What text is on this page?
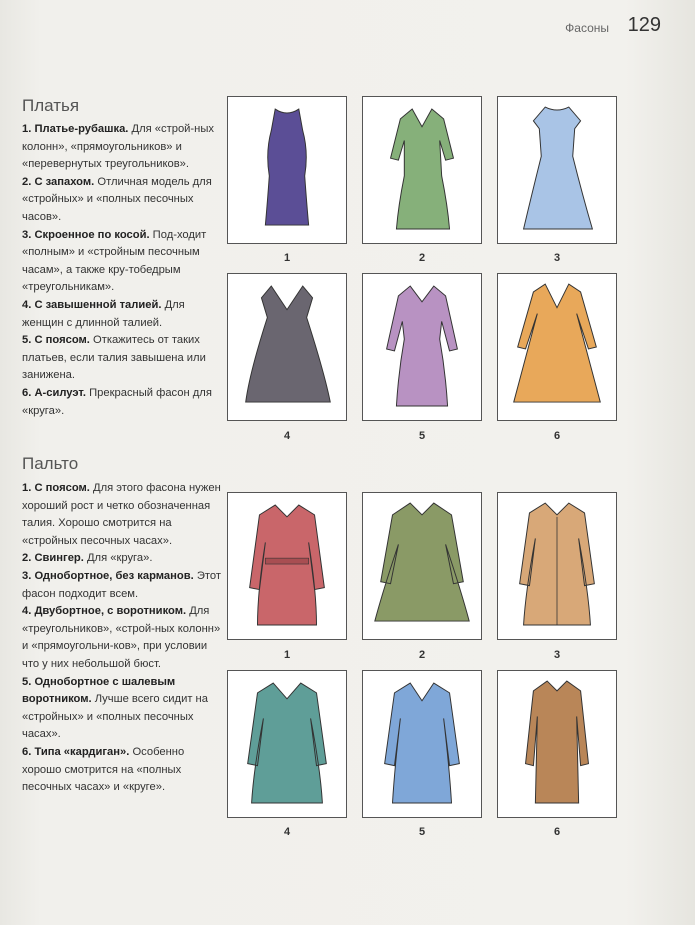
Фасоны 129
Платья

1. Платье-рубашка. Для «строй-ных колонн», «прямоугольников» и «перевернутых треугольников».

2. С запахом. Отличная модель для «стройных» и «полных песочных часов».

3. Скроенное по косой. Под-ходит «полным» и «стройным песочным часам», а также кру-тобедрым «треугольникам».

4. С завышенной талией. Для женщин с длинной талией.

5. С поясом. Откажитесь от таких платьев, если талия завышена или занижена.

6. А-силуэт. Прекрасный фасон для «круга».

Пальто

1. С поясом. Для этого фасона нужен хороший рост и четко обозначенная талия. Хорошо смотрится на «стройных песочных часах».

2. Свингер. Для «круга».

3. Однобортное, без карманов. Этот фасон подходит всем.

4. Двубортное, с воротником. Для «треугольников», «строй-ных колонн» и «прямоугольни-ков», при условии что у них небольшой бюст.

5. Однобортное с шалевым воротником. Лучше всего сидит на «стройных» и «полных песочных часах».

6. Типа «кардиган». Особенно хорошо смотрится на «полных песочных часах» и «круге».

1	2	3
4	5	6
1	2	3
4	5	6
